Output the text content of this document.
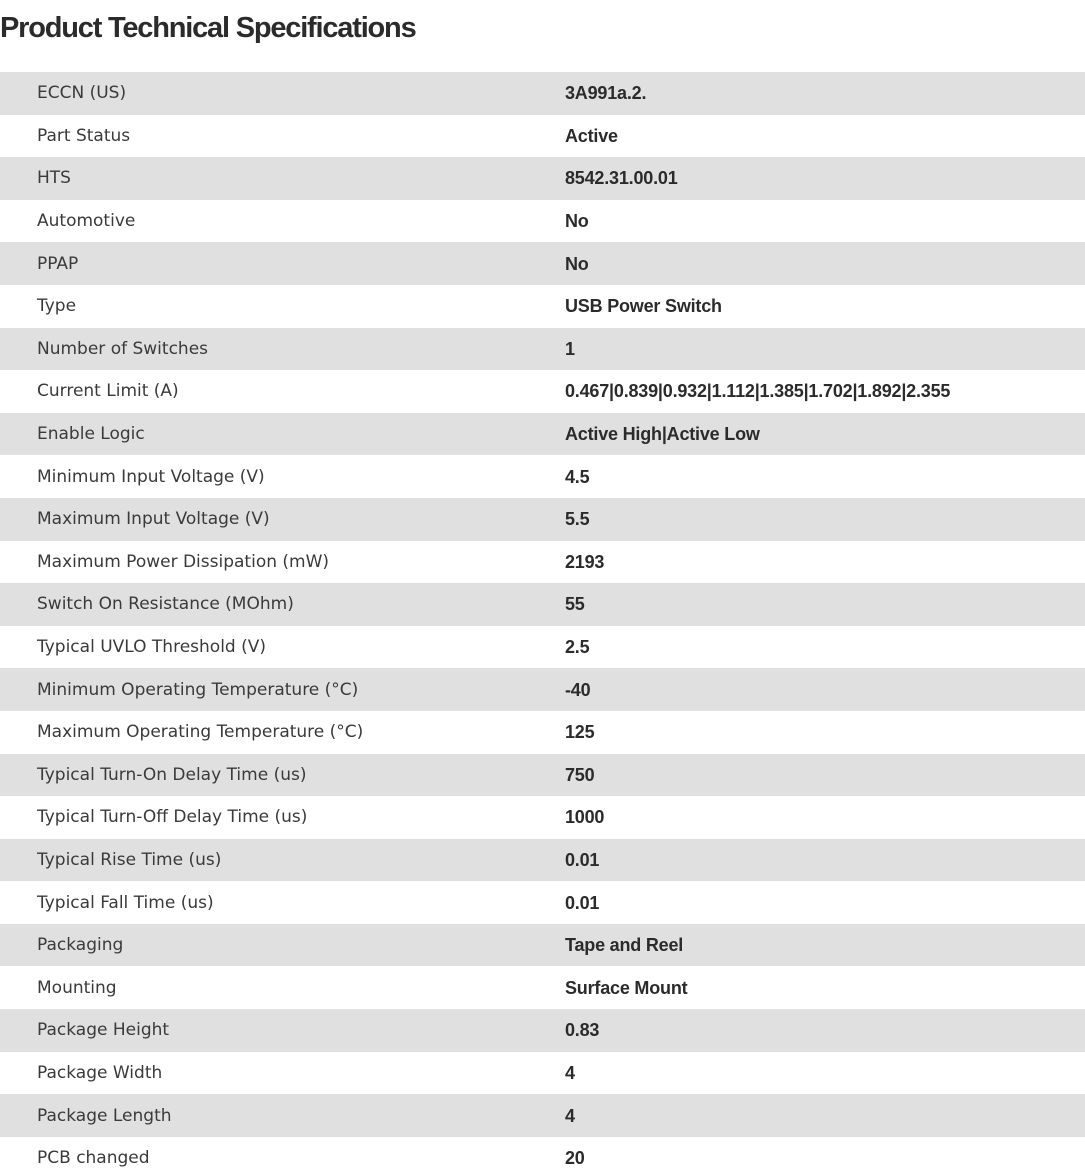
Product Technical Specifications
ECCN (US)	3A991a.2.
Part Status	Active
HTS	8542.31.00.01
Automotive	No
PPAP	No
Type	USB Power Switch
Number of Switches	1
Current Limit (A)	0.467|0.839|0.932|1.112|1.385|1.702|1.892|2.355
Enable Logic	Active High|Active Low
Minimum Input Voltage (V)	4.5
Maximum Input Voltage (V)	5.5
Maximum Power Dissipation (mW)	2193
Switch On Resistance (MOhm)	55
Typical UVLO Threshold (V)	2.5
Minimum Operating Temperature (°C)	-40
Maximum Operating Temperature (°C)	125
Typical Turn-On Delay Time (us)	750
Typical Turn-Off Delay Time (us)	1000
Typical Rise Time (us)	0.01
Typical Fall Time (us)	0.01
Packaging	Tape and Reel
Mounting	Surface Mount
Package Height	0.83
Package Width	4
Package Length	4
PCB changed	20
